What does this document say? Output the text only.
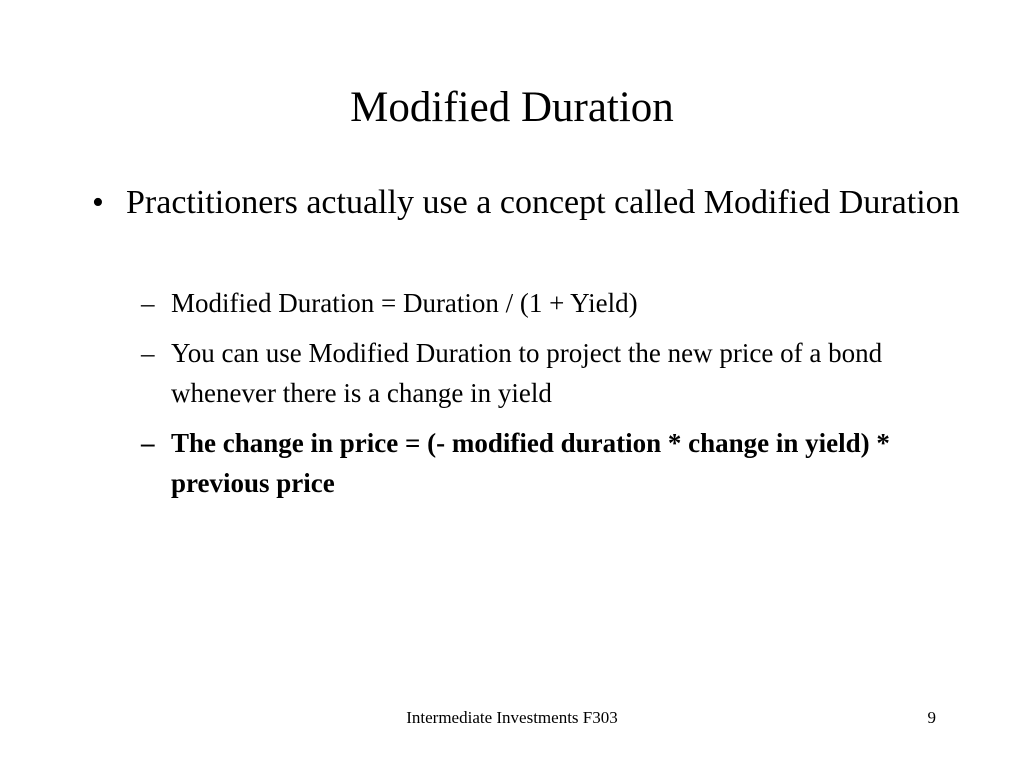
Modified Duration
• Practitioners actually use a concept called Modified Duration
– Modified Duration = Duration / (1 + Yield)
– You can use Modified Duration to project the new price of a bond whenever there is a change in yield
– The change in price = (- modified duration * change in yield) * previous price
Intermediate Investments F303	9
